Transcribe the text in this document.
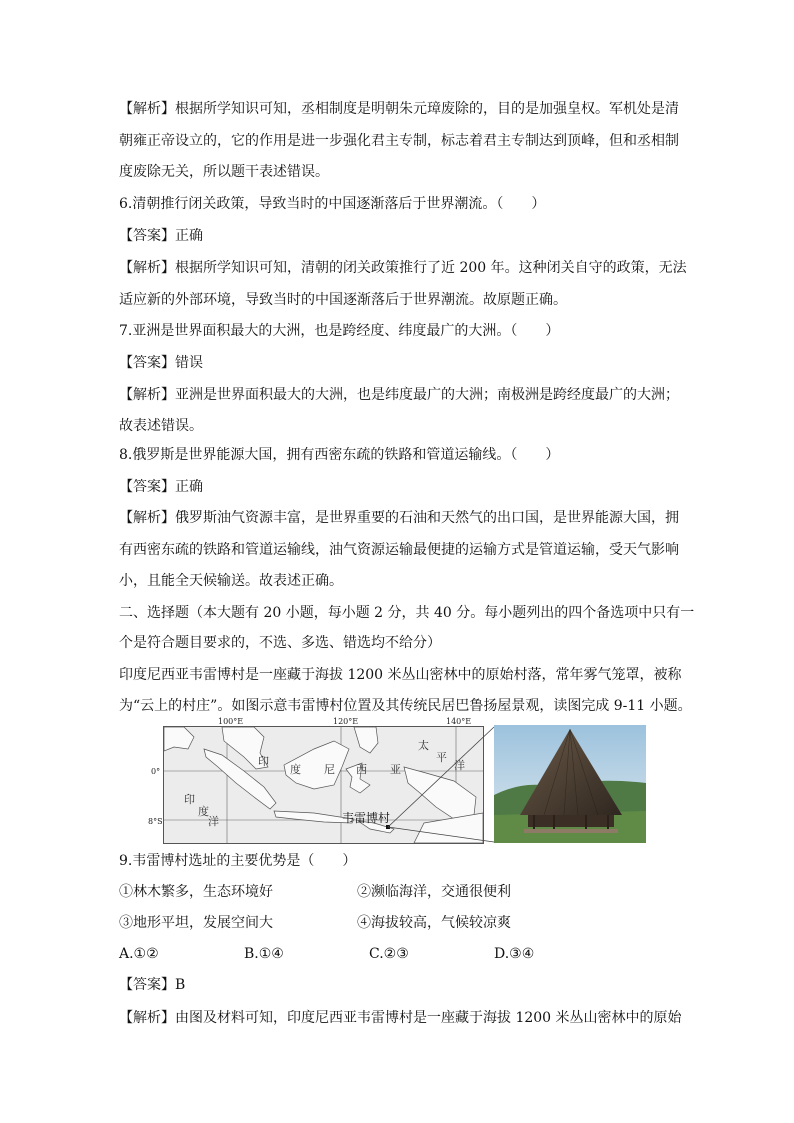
【解析】根据所学知识可知，丞相制度是明朝朱元璋废除的，目的是加强皇权。军机处是清
朝雍正帝设立的，它的作用是进一步强化君主专制，标志着君主专制达到顶峰，但和丞相制
度废除无关，所以题干表述错误。
6.清朝推行闭关政策，导致当时的中国逐渐落后于世界潮流。（　　）
【答案】正确
【解析】根据所学知识可知，清朝的闭关政策推行了近 200 年。这种闭关自守的政策，无法
适应新的外部环境，导致当时的中国逐渐落后于世界潮流。故原题正确。
7.亚洲是世界面积最大的大洲，也是跨经度、纬度最广的大洲。（　　）
【答案】错误
【解析】亚洲是世界面积最大的大洲，也是纬度最广的大洲；南极洲是跨经度最广的大洲；
故表述错误。
8.俄罗斯是世界能源大国，拥有西密东疏的铁路和管道运输线。（　　）
【答案】正确
【解析】俄罗斯油气资源丰富，是世界重要的石油和天然气的出口国，是世界能源大国，拥
有西密东疏的铁路和管道运输线，油气资源运输最便捷的运输方式是管道运输，受天气影响
小，且能全天候输送。故表述正确。
二、选择题（本大题有 20 小题，每小题 2 分，共 40 分。每小题列出的四个备选项中只有一
个是符合题目要求的，不选、多选、错选均不给分）
印度尼西亚韦雷博村是一座藏于海拔 1200 米丛山密林中的原始村落，常年雾气笼罩，被称
为“云上的村庄”。如图示意韦雷博村位置及其传统民居巴鲁扬屋景观，读图完成 9-11 小题。
100°E	120°E	140°E
0°
8°S
印
度 尼 西 亚
太
平
洋
印
度
洋	韦雷博村
9.韦雷博村选址的主要优势是（　　）
①林木繁多，生态环境好	②濒临海洋，交通很便利
③地形平坦，发展空间大	④海拔较高，气候较凉爽
A.①②	B.①④	C.②③	D.③④
【答案】B
【解析】由图及材料可知，印度尼西亚韦雷博村是一座藏于海拔 1200 米丛山密林中的原始
